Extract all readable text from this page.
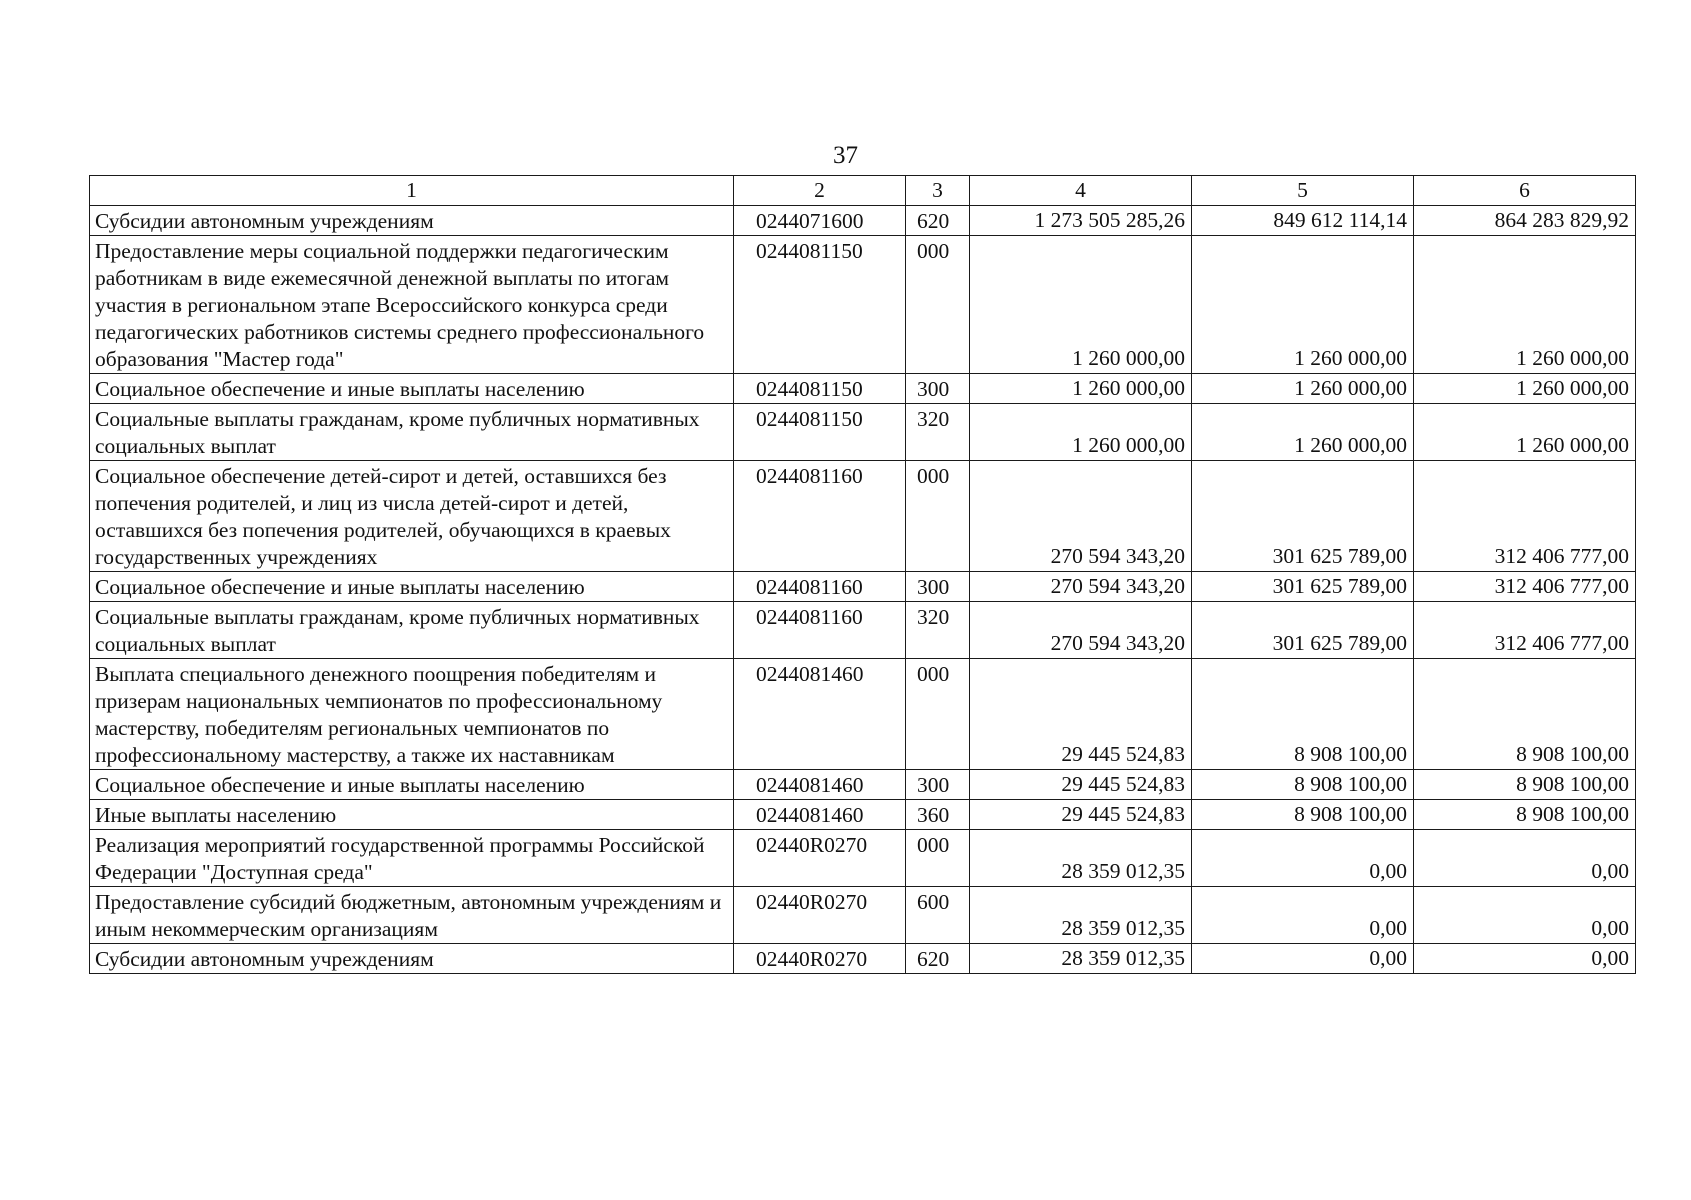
37
1	2	3	4	5	6
Субсидии автономным учреждениям	0244071600	620	1 273 505 285,26	849 612 114,14	864 283 829,92
Предоставление меры социальной поддержки педагогическим работникам в виде ежемесячной денежной выплаты по итогам участия в региональном этапе Всероссийского конкурса среди педагогических работников системы среднего профессионального образования "Мастер года"	0244081150	000	1 260 000,00	1 260 000,00	1 260 000,00
Социальное обеспечение и иные выплаты населению	0244081150	300	1 260 000,00	1 260 000,00	1 260 000,00
Социальные выплаты гражданам, кроме публичных нормативных социальных выплат	0244081150	320	1 260 000,00	1 260 000,00	1 260 000,00
Социальное обеспечение детей-сирот и детей, оставшихся без попечения родителей, и лиц из числа детей-сирот и детей, оставшихся без попечения родителей, обучающихся в краевых государственных учреждениях	0244081160	000	270 594 343,20	301 625 789,00	312 406 777,00
Социальное обеспечение и иные выплаты населению	0244081160	300	270 594 343,20	301 625 789,00	312 406 777,00
Социальные выплаты гражданам, кроме публичных нормативных социальных выплат	0244081160	320	270 594 343,20	301 625 789,00	312 406 777,00
Выплата специального денежного поощрения победителям и призерам национальных чемпионатов по профессиональному мастерству, победителям региональных чемпионатов по профессиональному мастерству, а также их наставникам	0244081460	000	29 445 524,83	8 908 100,00	8 908 100,00
Социальное обеспечение и иные выплаты населению	0244081460	300	29 445 524,83	8 908 100,00	8 908 100,00
Иные выплаты населению	0244081460	360	29 445 524,83	8 908 100,00	8 908 100,00
Реализация мероприятий государственной программы Российской Федерации "Доступная среда"	02440R0270	000	28 359 012,35	0,00	0,00
Предоставление субсидий бюджетным, автономным учреждениям и иным некоммерческим организациям	02440R0270	600	28 359 012,35	0,00	0,00
Субсидии автономным учреждениям	02440R0270	620	28 359 012,35	0,00	0,00
